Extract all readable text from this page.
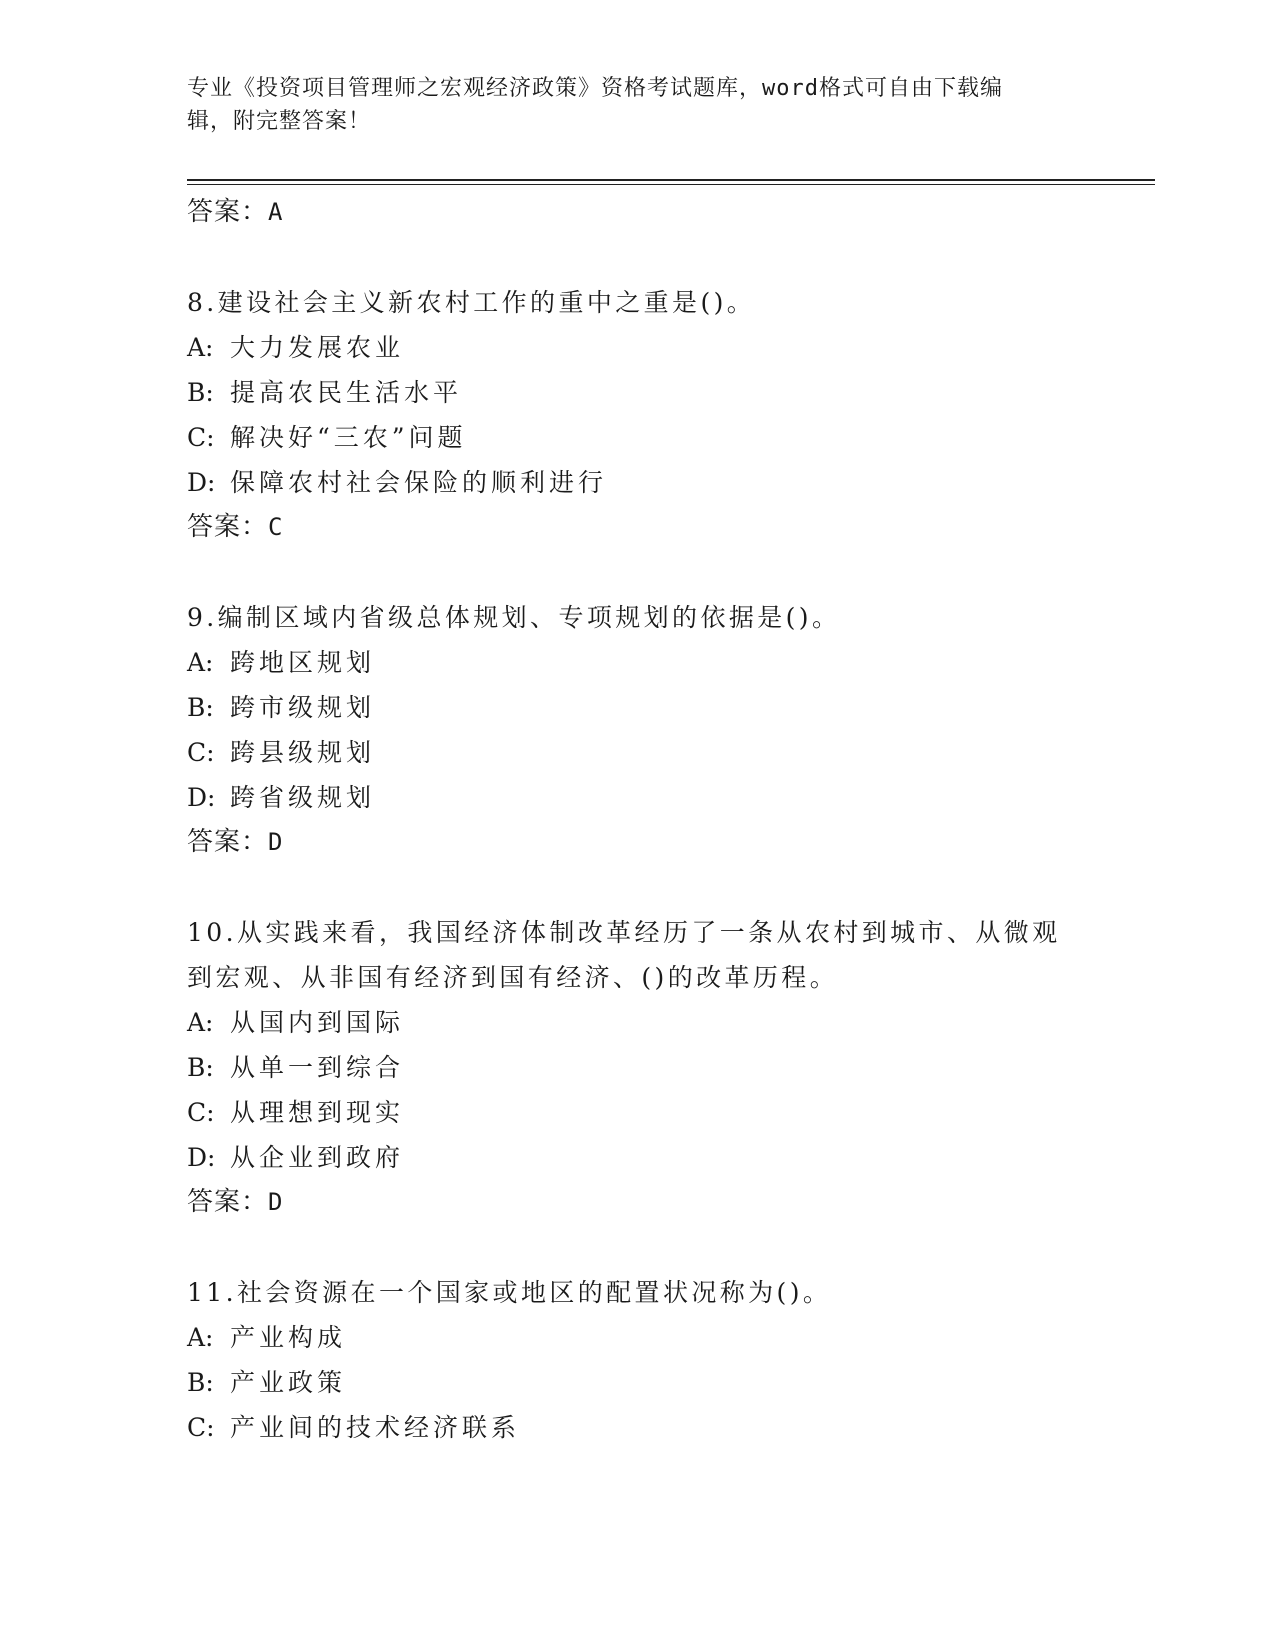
专业《投资项目管理师之宏观经济政策》资格考试题库，word格式可自由下载编
辑，附完整答案！
答案：A
8.建设社会主义新农村工作的重中之重是()。
A: 大力发展农业
B: 提高农民生活水平
C: 解决好“三农”问题
D: 保障农村社会保险的顺利进行
答案：C
9.编制区域内省级总体规划、专项规划的依据是()。
A: 跨地区规划
B: 跨市级规划
C: 跨县级规划
D: 跨省级规划
答案：D
10.从实践来看，我国经济体制改革经历了一条从农村到城市、从微观
到宏观、从非国有经济到国有经济、()的改革历程。
A: 从国内到国际
B: 从单一到综合
C: 从理想到现实
D: 从企业到政府
答案：D
11.社会资源在一个国家或地区的配置状况称为()。
A: 产业构成
B: 产业政策
C: 产业间的技术经济联系
